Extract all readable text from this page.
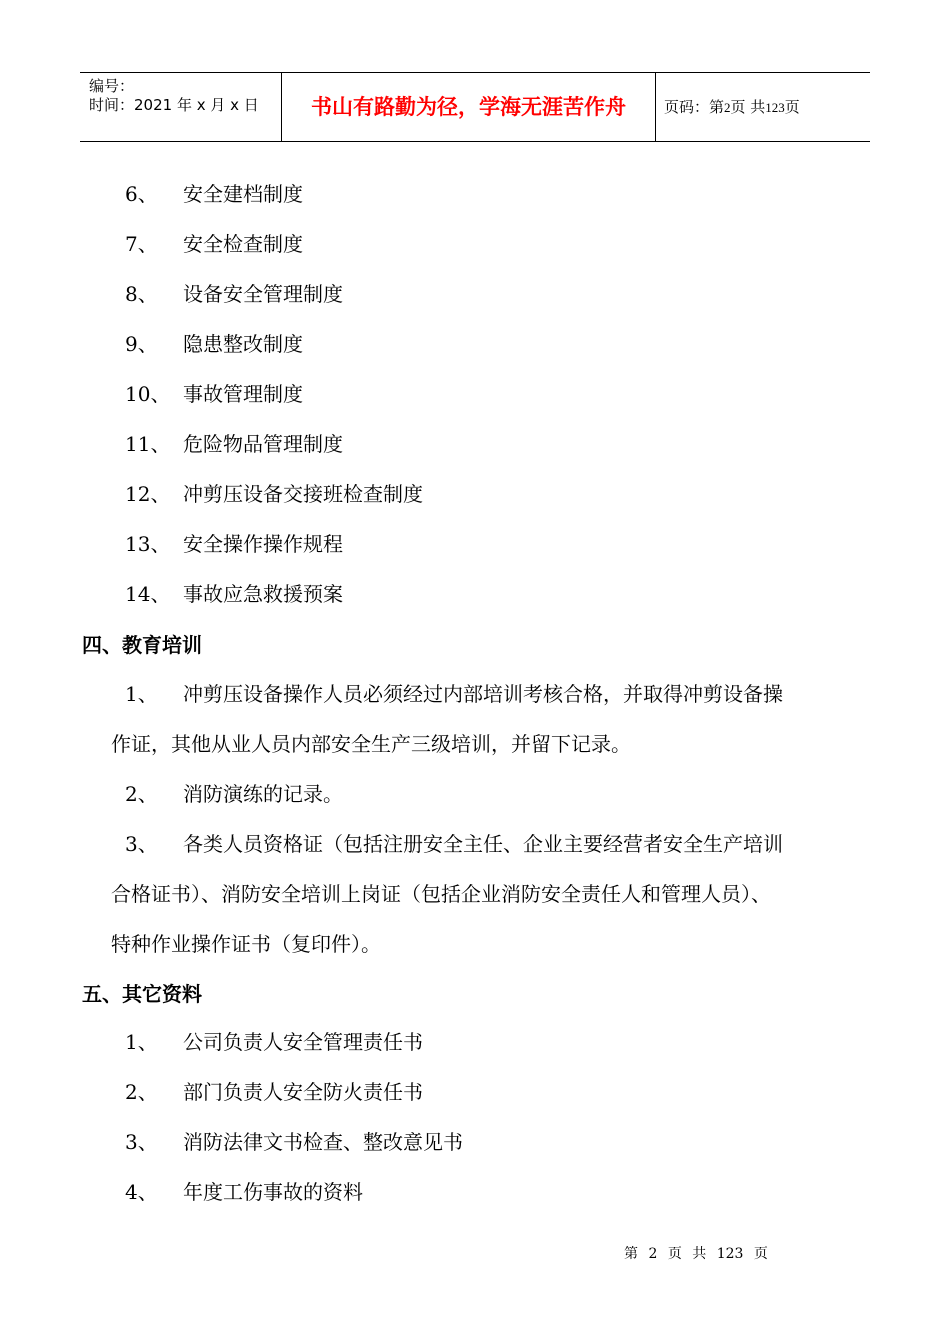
编号：
时间：2021 年 x 月 x 日	书山有路勤为径，学海无涯苦作舟	页码：第2页 共123页
6、 安全建档制度
7、 安全检查制度
8、 设备安全管理制度
9、 隐患整改制度
10、 事故管理制度
11、 危险物品管理制度
12、 冲剪压设备交接班检查制度
13、 安全操作操作规程
14、 事故应急救援预案
四、教育培训
1、 冲剪压设备操作人员必须经过内部培训考核合格，并取得冲剪设备操
作证，其他从业人员内部安全生产三级培训，并留下记录。
2、 消防演练的记录。
3、 各类人员资格证（包括注册安全主任、企业主要经营者安全生产培训
合格证书）、消防安全培训上岗证（包括企业消防安全责任人和管理人员）、
特种作业操作证书（复印件）。
五、其它资料
1、 公司负责人安全管理责任书
2、 部门负责人安全防火责任书
3、 消防法律文书检查、整改意见书
4、 年度工伤事故的资料
第 2 页 共 123 页
